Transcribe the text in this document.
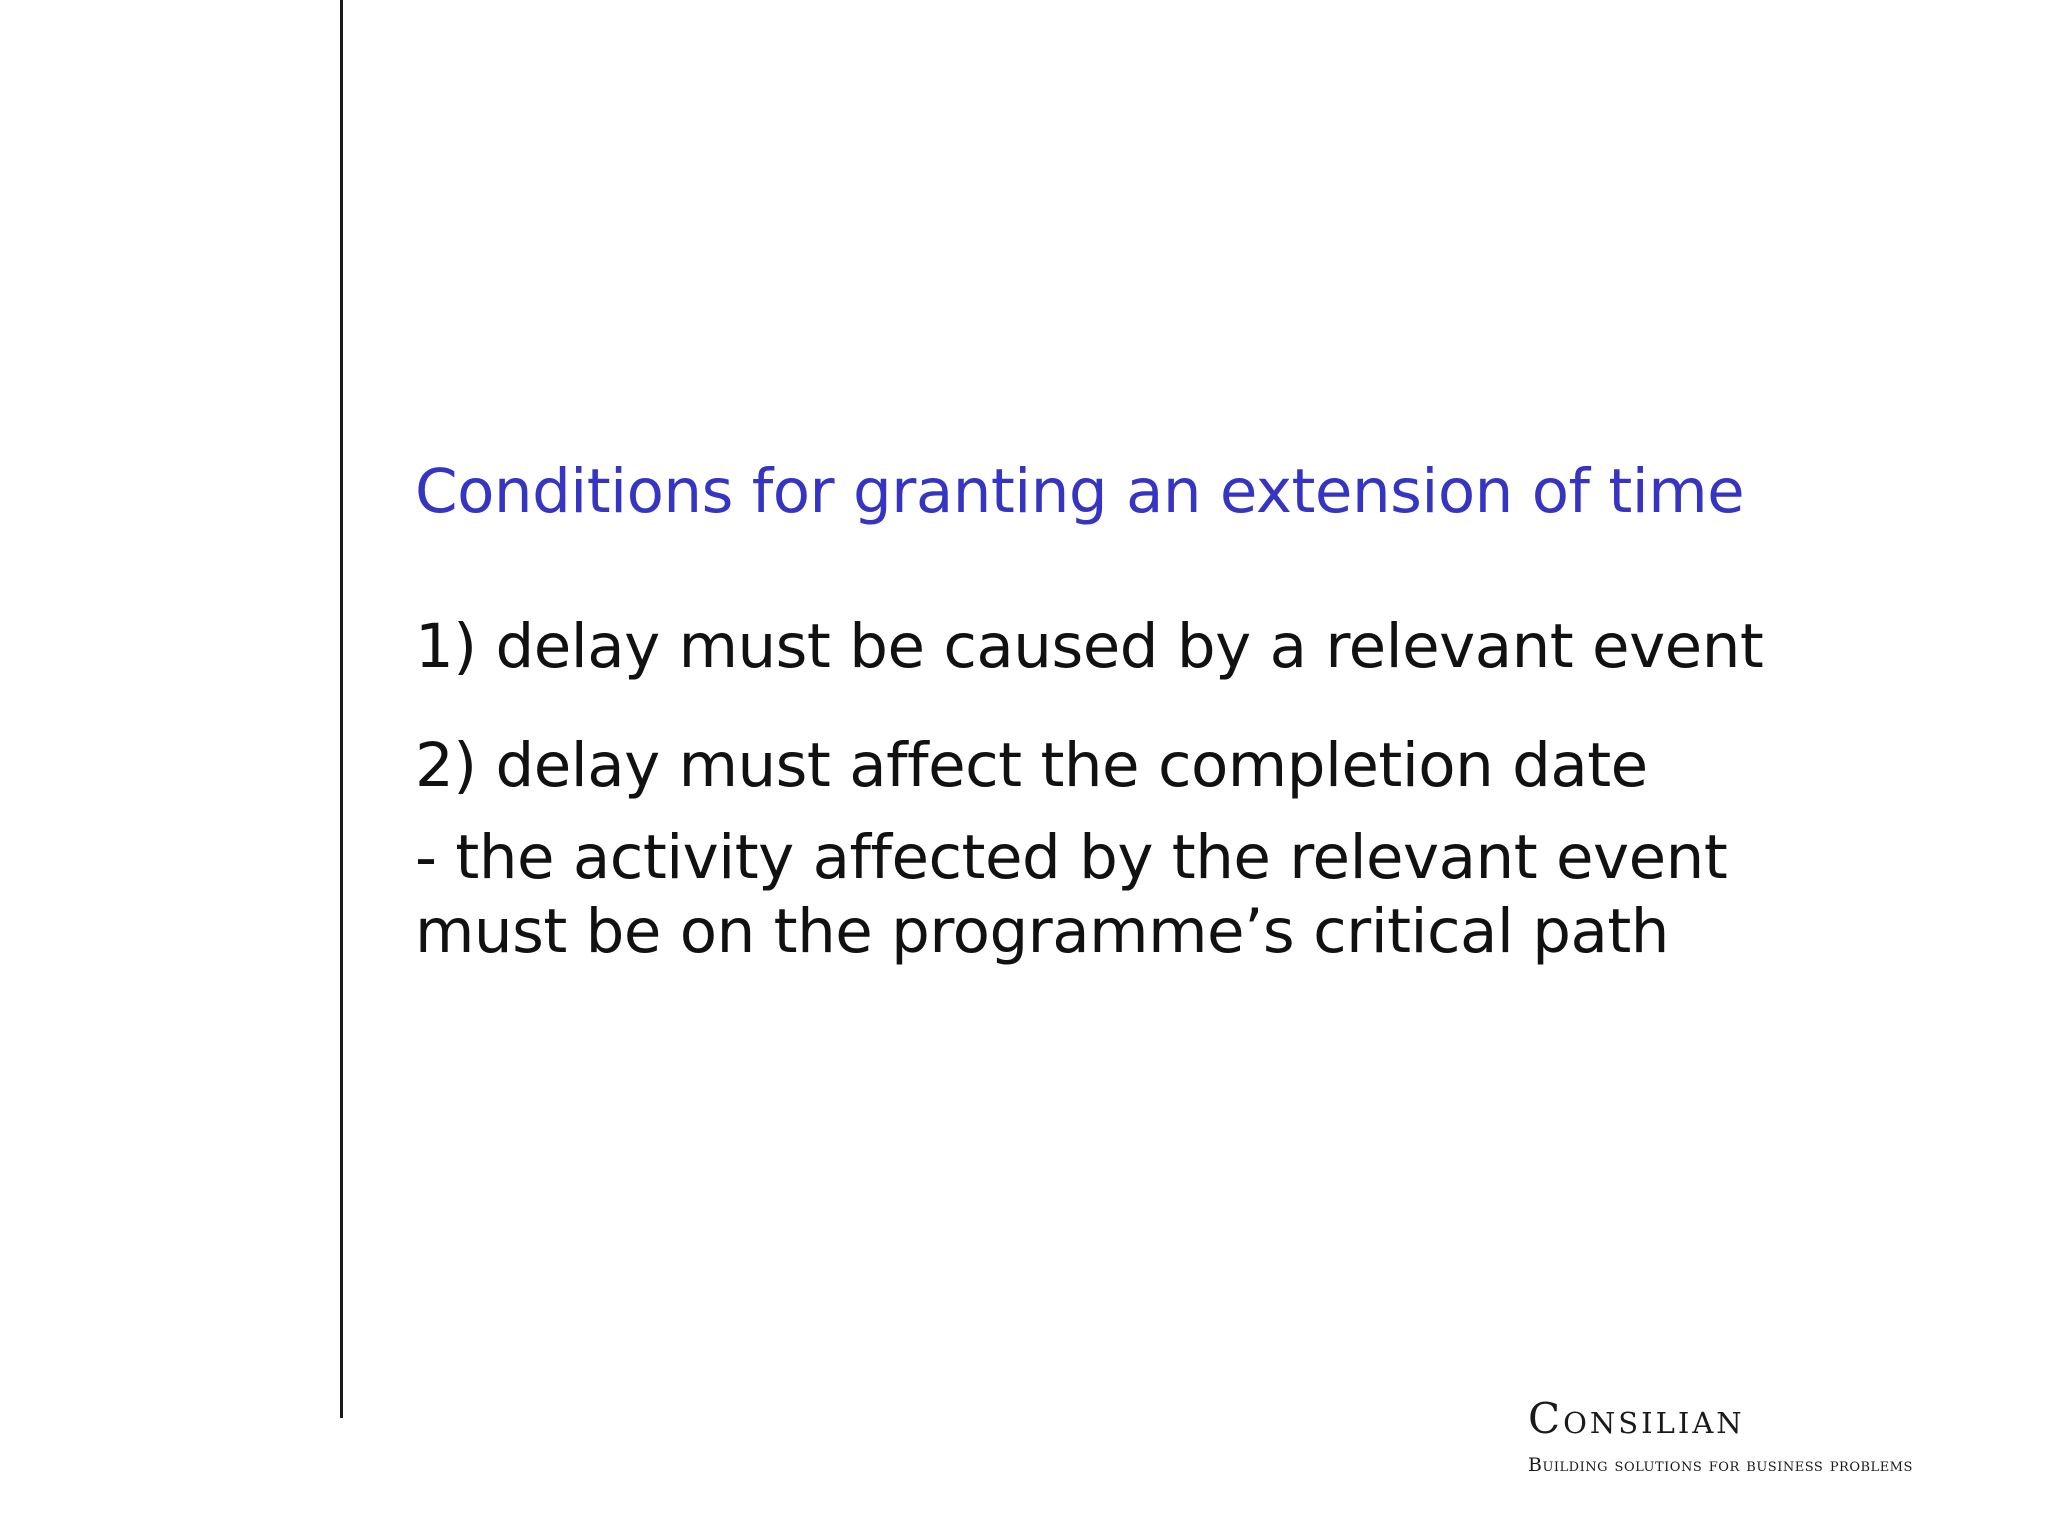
Conditions for granting an extension of time

1) delay must be caused by a relevant event

2) delay must affect the completion date

- the activity affected by the relevant event

must be on the programme’s critical path

Consilian
Building solutions for business problems
